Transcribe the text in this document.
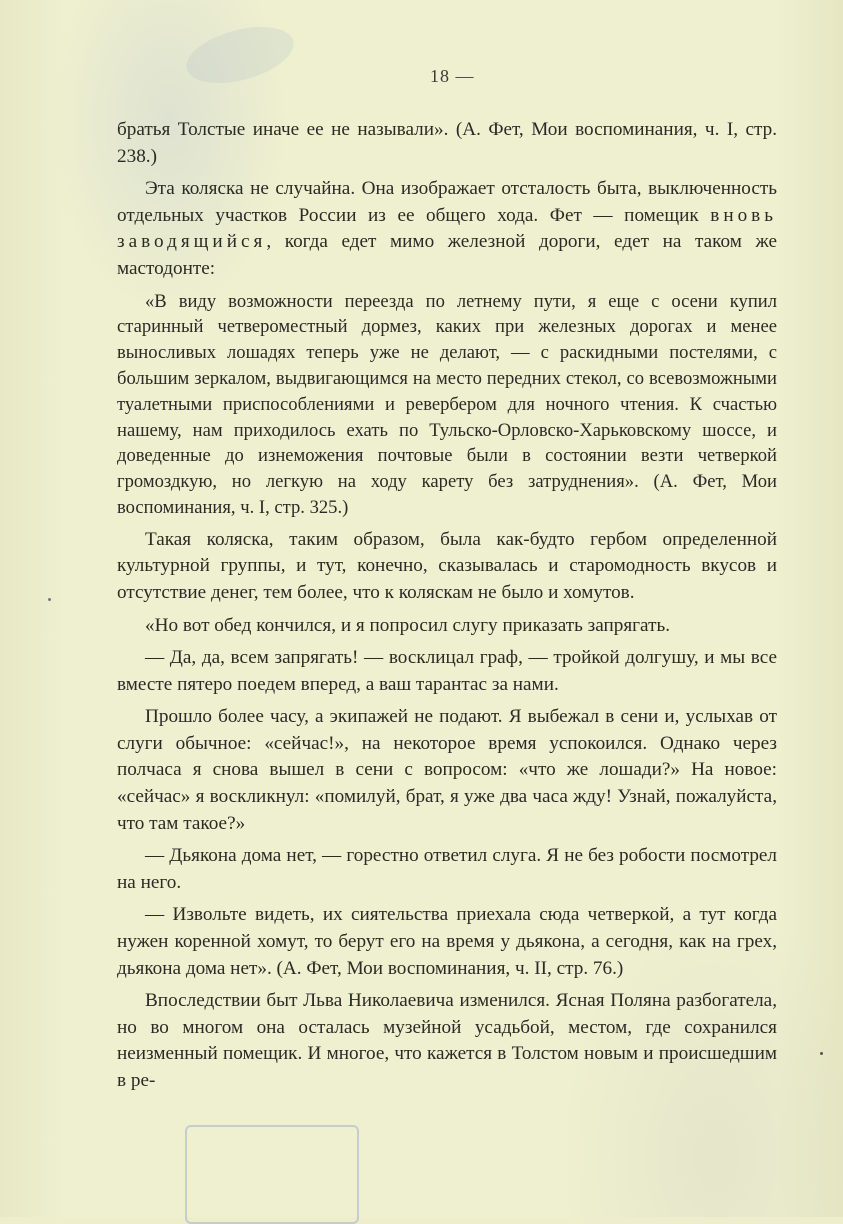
18 —

братья Толстые иначе ее не называли». (А. Фет, Мои воспоминания, ч. I, стр. 238.)

Эта коляска не случайна. Она изображает отсталость быта, выключенность отдельных участков России из ее общего хода. Фет — помещик вновь заводящийся, когда едет мимо железной дороги, едет на таком же мастодонте:

«В виду возможности переезда по летнему пути, я еще с осени купил старинный четвероместный дормез, каких при железных дорогах и менее выносливых лошадях теперь уже не делают, — с раскидными постелями, с большим зеркалом, выдвигающимся на место передних стекол, со всевозможными туалетными приспособлениями и ревербером для ночного чтения. К счастью нашему, нам приходилось ехать по Тульско-Орловско-Харьковскому шоссе, и доведенные до изнеможения почтовые были в состоянии везти четверкой громоздкую, но легкую на ходу карету без затруднения». (А. Фет, Мои воспоминания, ч. I, стр. 325.)

Такая коляска, таким образом, была как-будто гербом определенной культурной группы, и тут, конечно, сказывалась и старомодность вкусов и отсутствие денег, тем более, что к коляскам не было и хомутов.

«Но вот обед кончился, и я попросил слугу приказать запрягать.

— Да, да, всем запрягать! — восклицал граф, — тройкой долгушу, и мы все вместе пятеро поедем вперед, а ваш тарантас за нами.

Прошло более часу, а экипажей не подают. Я выбежал в сени и, услыхав от слуги обычное: «сейчас!», на некоторое время успокоился. Однако через полчаса я снова вышел в сени с вопросом: «что же лошади?» На новое: «сейчас» я воскликнул: «помилуй, брат, я уже два часа жду! Узнай, пожалуйста, что там такое?»

— Дьякона дома нет, — горестно ответил слуга. Я не без робости посмотрел на него.

— Извольте видеть, их сиятельства приехала сюда четверкой, а тут когда нужен коренной хомут, то берут его на время у дьякона, а сегодня, как на грех, дьякона дома нет». (А. Фет, Мои воспоминания, ч. II, стр. 76.)

Впоследствии быт Льва Николаевича изменился. Ясная Поляна разбогатела, но во многом она осталась музейной усадьбой, местом, где сохранился неизменный помещик. И многое, что кажется в Толстом новым и происшедшим в ре-
